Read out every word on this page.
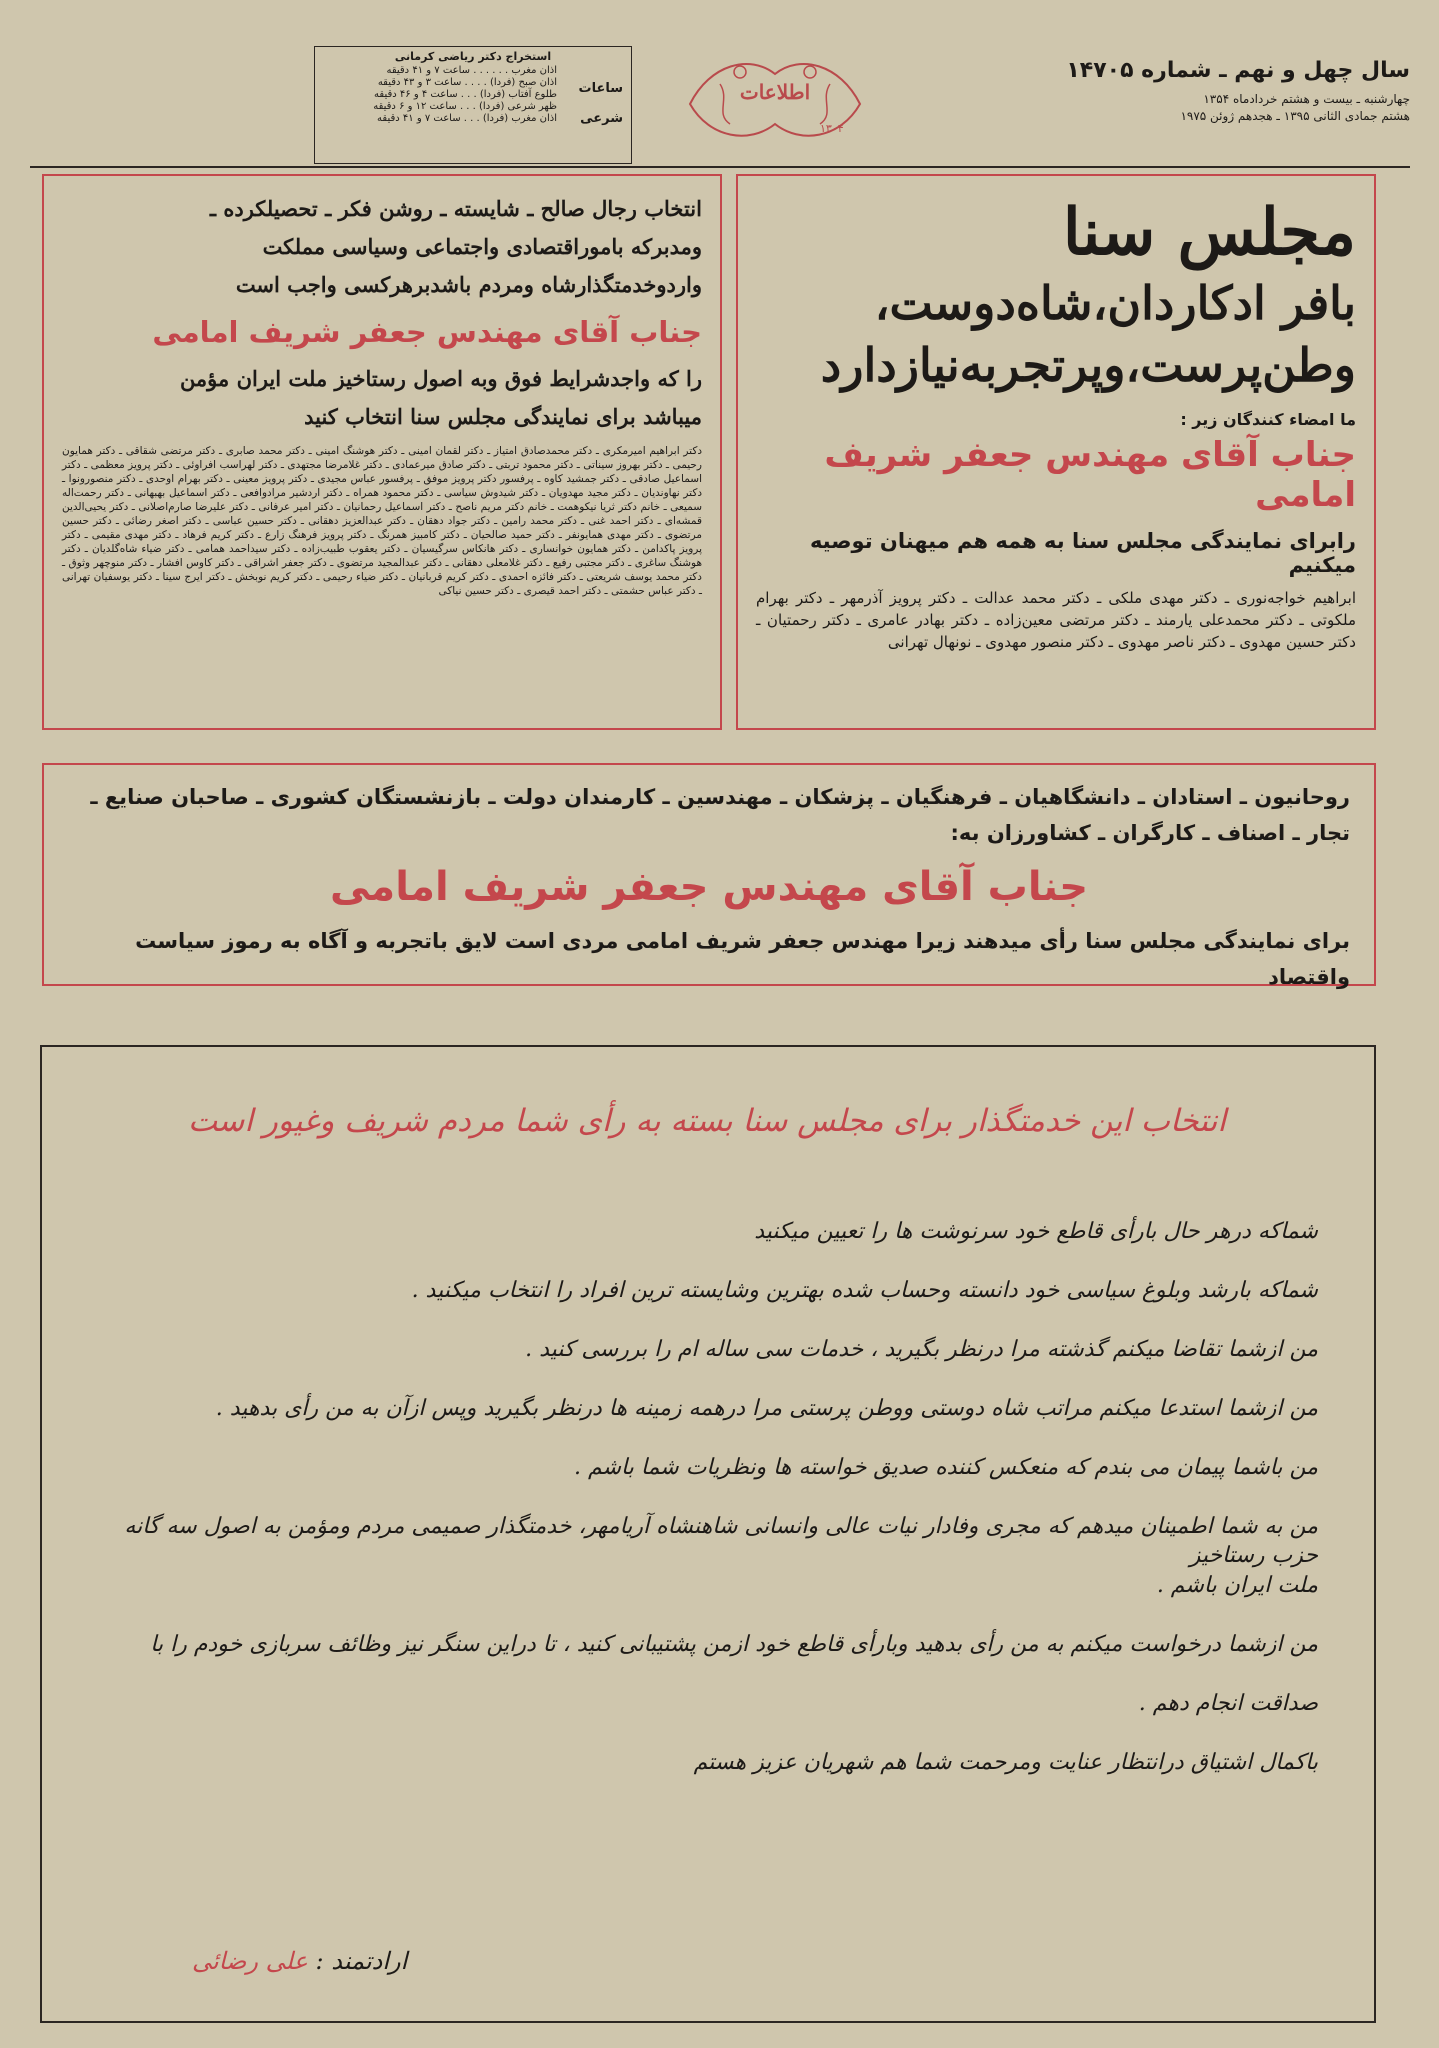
سال چهل و نهم ـ شماره ۱۴۷۰۵

چهارشنبه ـ بیست و هشتم خردادماه ۱۳۵۴

هشتم جمادی الثانی ۱۳۹۵ ـ هجدهم ژوئن ۱۹۷۵

اطلاعات
۱۳۰۴
استخراج دکتر ریاضی کرمانی
ساعات
شرعی
اذان مغرب . . . . . . ساعت ۷ و ۴۱ دقیقه
اذان صبح (فردا) . . . . ساعت ۳ و ۴۳ دقیقه
طلوع آفتاب (فردا) . . . ساعت ۴ و ۴۶ دقیقه
ظهر شرعی (فردا) . . . ساعت ۱۲ و ۶ دقیقه
اذان مغرب (فردا) . . . ساعت ۷ و ۴۱ دقیقه
مجلس سنا
بافر ادکاردان،شاه‌دوست،
وطن‌پرست،وپرتجربه‌نیازدارد

ما امضاء کنندگان زیر :

جناب آقای مهندس جعفر شریف امامی

رابرای نمایندگی مجلس سنا به همه هم میهنان توصیه میکنیم

ابراهیم خواجه‌نوری ـ دکتر مهدی ملکی ـ دکتر محمد عدالت ـ دکتر پرویز آذرمهر ـ دکتر بهرام ملکوتی ـ دکتر محمدعلی یارمند ـ دکتر مرتضی معین‌زاده ـ دکتر بهادر عامری ـ دکتر رحمتیان ـ دکتر حسین مهدوی ـ دکتر ناصر مهدوی ـ دکتر منصور مهدوی ـ نونهال تهرانی

انتخاب رجال صالح ـ شایسته ـ روشن فکر ـ تحصیلکرده ـ

ومدبرکه باموراقتصادی واجتماعی وسیاسی مملکت

واردوخدمتگذارشاه ومردم باشدبرهرکسی واجب است

جناب آقای مهندس جعفر شریف امامی

را که واجدشرایط فوق وبه اصول رستاخیز ملت ایران مؤمن

میباشد برای نمایندگی مجلس سنا انتخاب کنید

دکتر ابراهیم امیرمکری ـ دکتر محمدصادق امتیاز ـ دکتر لقمان امینی ـ دکتر هوشنگ امینی ـ دکتر محمد صابری ـ دکتر مرتضی شقاقی ـ دکتر همایون رحیمی ـ دکتر بهروز سیناتی ـ دکتر محمود تربتی ـ دکتر صادق میرعمادی ـ دکتر غلامرضا مجتهدی ـ دکتر لهراسب افراوئی ـ دکتر پرویز معظمی ـ دکتر اسماعیل صادقی ـ دکتر جمشید کاوه ـ پرفسور دکتر پرویز موفق ـ پرفسور عباس مجیدی ـ دکتر پرویز معینی ـ دکتر بهرام اوحدی ـ دکتر منصورونوا ـ دکتر نهاوندیان ـ دکتر مجید مهدویان ـ دکتر شیدوش سیاسی ـ دکتر محمود همراه ـ دکتر اردشیر مرادوافعی ـ دکتر اسماعیل بهبهانی ـ دکتر رحمت‌اله سمیعی ـ خانم دکتر ثریا نیکوهمت ـ خانم دکتر مریم ناصح ـ دکتر اسماعیل رحمانیان ـ دکتر امیر عرفانی ـ دکتر علیرضا صارم‌اصلانی ـ دکتر یحیی‌الدین قمشه‌ای ـ دکتر احمد غنی ـ دکتر محمد رامین ـ دکتر جواد دهقان ـ دکتر عبدالعزیز دهقانی ـ دکتر حسین عباسی ـ دکتر اصغر رضائی ـ دکتر حسین مرتضوی ـ دکتر مهدی همایونفر ـ دکتر حمید صالحیان ـ دکتر کامبیز همرنگ ـ دکتر پرویز فرهنگ زارع ـ دکتر کریم فرهاد ـ دکتر مهدی مقیمی ـ دکتر پرویز پاکدامن ـ دکتر همایون خوانساری ـ دکتر هانکاس سرگیسیان ـ دکتر یعقوب طبیب‌زاده ـ دکتر سیداحمد همامی ـ دکتر ضیاء شاه‌گلدیان ـ دکتر هوشنگ ساغری ـ دکتر مجتبی رفیع ـ دکتر غلامعلی دهقانی ـ دکتر عبدالمجید مرتضوی ـ دکتر جعفر اشراقی ـ دکتر کاوس افشار ـ دکتر منوچهر وثوق ـ دکتر محمد یوسف شریعتی ـ دکتر فائزه احمدی ـ دکتر کریم قربانیان ـ دکتر ضیاء رحیمی ـ دکتر کریم نوبخش ـ دکتر ایرج سینا ـ دکتر یوسفیان تهرانی ـ دکتر عباس حشمتی ـ دکتر احمد قیصری ـ دکتر حسین نیاکی

روحانیون ـ استادان ـ دانشگاهیان ـ فرهنگیان ـ پزشکان ـ مهندسین ـ کارمندان دولت ـ بازنشستگان کشوری ـ صاحبان صنایع ـ

تجار ـ اصناف ـ کارگران ـ کشاورزان به:

جناب آقای مهندس جعفر شریف امامی

برای نمایندگی مجلس سنا رأی میدهند زیرا مهندس جعفر شریف امامی مردی است لایق باتجربه و آگاه به رموز سیاست واقتصاد

انتخاب این خدمتگذار برای مجلس سنا بسته به رأی شما مردم شریف وغیور است

شماکه درهر حال بارأی قاطع خود سرنوشت ها را تعیین میکنید
شماکه بارشد وبلوغ سیاسی خود دانسته وحساب شده بهترین وشایسته ترین افراد را انتخاب میکنید .
من ازشما تقاضا میکنم گذشته مرا درنظر بگیرید ، خدمات سی ساله ام را بررسی کنید .
من ازشما استدعا میکنم مراتب شاه دوستی ووطن پرستی مرا درهمه زمینه ها درنظر بگیرید وپس ازآن به من رأی بدهید .
من باشما پیمان می بندم که منعکس کننده صدیق خواسته ها ونظریات شما باشم .
من به شما اطمینان میدهم که مجری وفادار نیات عالی وانسانی شاهنشاه آریامهر، خدمتگذار صمیمی مردم ومؤمن به اصول سه گانه حزب رستاخیز
ملت ایران باشم .
من ازشما درخواست میکنم به من رأی بدهید وبارأی قاطع خود ازمن پشتیبانی کنید ، تا دراین سنگر نیز وظائف سربازی خودم را با
صداقت انجام دهم .
باکمال اشتیاق درانتظار عنایت ومرحمت شما هم شهریان عزیز هستم
ارادتمند : علی رضائی
